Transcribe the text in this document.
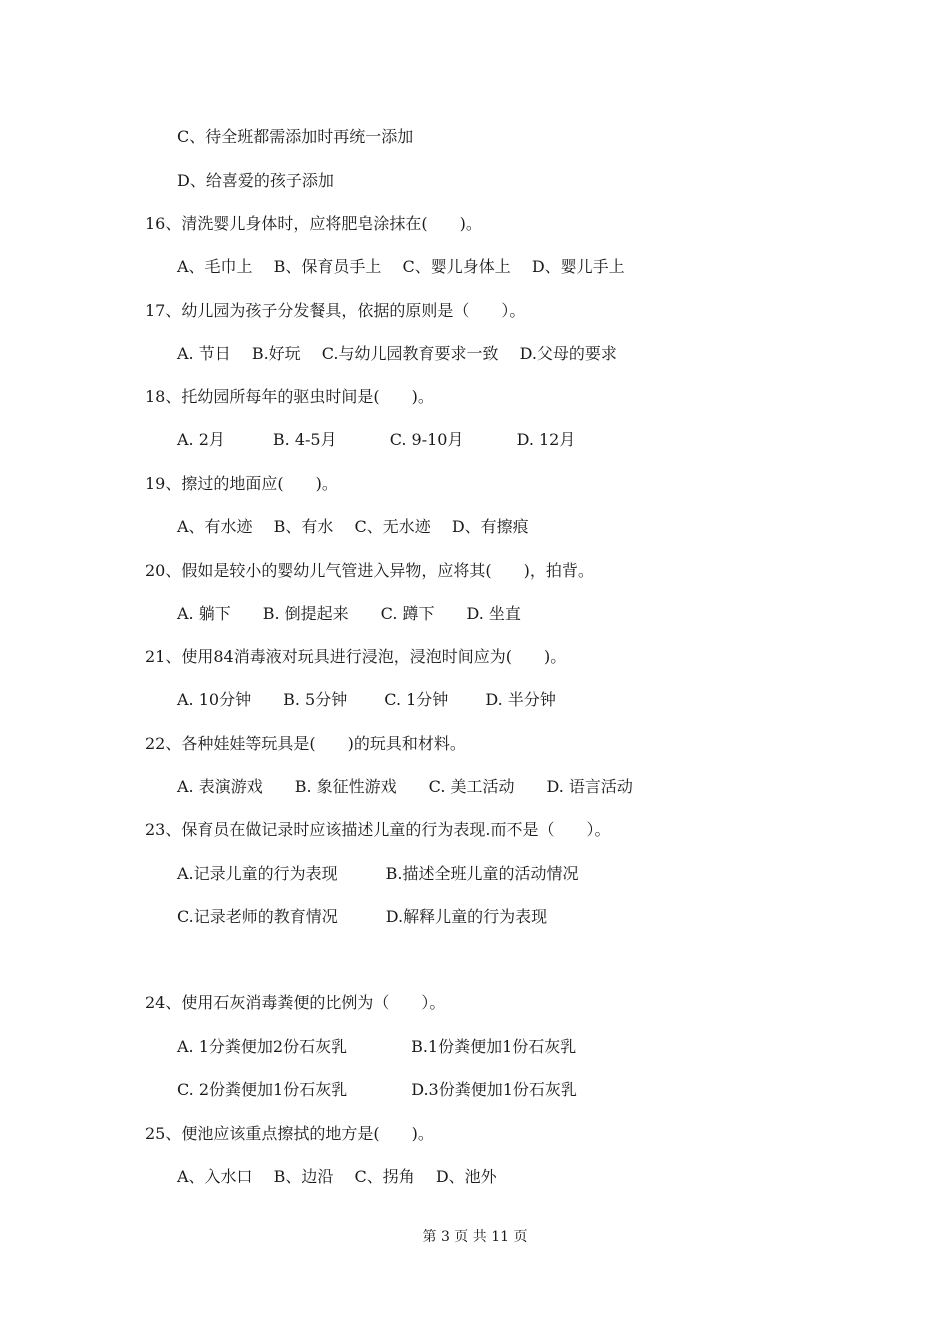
C、待全班都需添加时再统一添加
D、给喜爱的孩子添加
16、清洗婴儿身体时，应将肥皂涂抹在(　　)。
A、毛巾上　 B、保育员手上　 C、婴儿身体上　 D、婴儿手上
17、幼儿园为孩子分发餐具，依据的原则是（　　）。
A. 节日　 B.好玩　 C.与幼儿园教育要求一致　 D.父母的要求
18、托幼园所每年的驱虫时间是(　　)。
A. 2月　　　B. 4-5月　　　 C. 9-10月　　　 D. 12月
19、擦过的地面应(　　)。
A、有水迹　 B、有水　 C、无水迹　 D、有擦痕
20、假如是较小的婴幼儿气管进入异物，应将其(　　)，拍背。
A. 躺下　　B. 倒提起来　　C. 蹲下　　D. 坐直
21、使用84消毒液对玩具进行浸泡，浸泡时间应为(　　)。
A. 10分钟　　B. 5分钟　　 C. 1分钟　　 D. 半分钟
22、各种娃娃等玩具是(　　)的玩具和材料。
A. 表演游戏　　B. 象征性游戏　　C. 美工活动　　D. 语言活动
23、保育员在做记录时应该描述儿童的行为表现.而不是（　　）。
A.记录儿童的行为表现　　　B.描述全班儿童的活动情况
C.记录老师的教育情况　　　D.解释儿童的行为表现
24、使用石灰消毒粪便的比例为（　　）。
A. 1分粪便加2份石灰乳　　　　B.1份粪便加1份石灰乳
C. 2份粪便加1份石灰乳　　　　D.3份粪便加1份石灰乳
25、便池应该重点擦拭的地方是(　　)。
A、入水口　 B、边沿　 C、拐角　 D、池外
第 3 页 共 11 页
